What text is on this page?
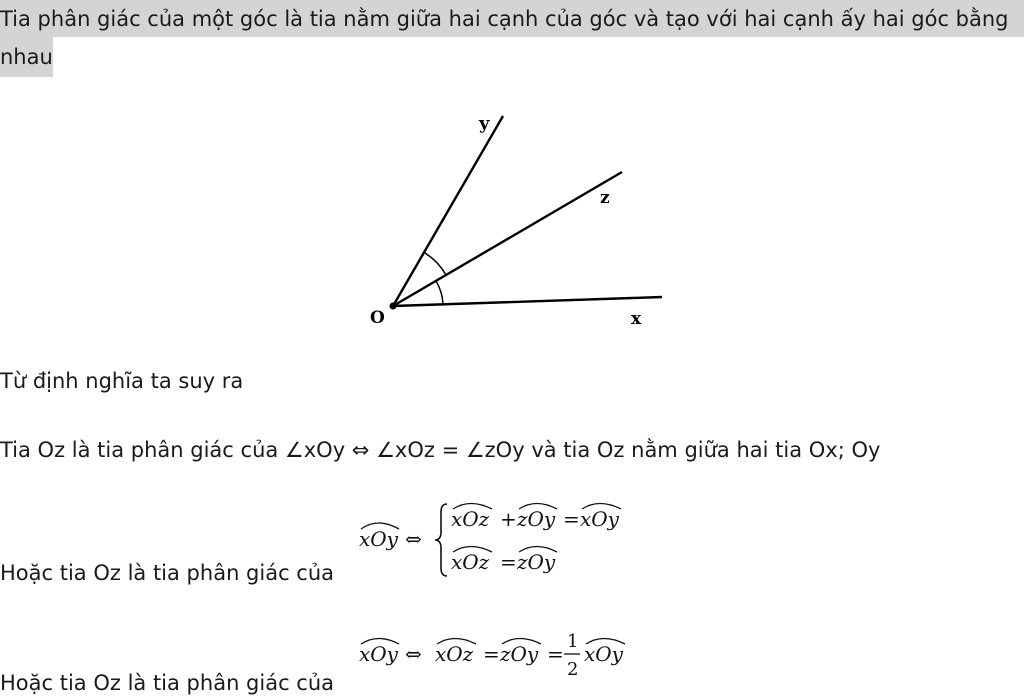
Tia phân giác của một góc là tia nằm giữa hai cạnh của góc và tạo với hai cạnh ấy hai góc bằng
nhau
O	x
y
z
Từ định nghĩa ta suy ra
Tia Oz là tia phân giác của ∠xOy ⇔ ∠xOz = ∠zOy và tia Oz nằm giữa hai tia Ox; Oy
Hoặc tia Oz là tia phân giác của
xOy ⇔
xOz + zOy = xOy
xOz = zOy
Hoặc tia Oz là tia phân giác của
xOy ⇔ xOz = zOy =
1
2
xOy
